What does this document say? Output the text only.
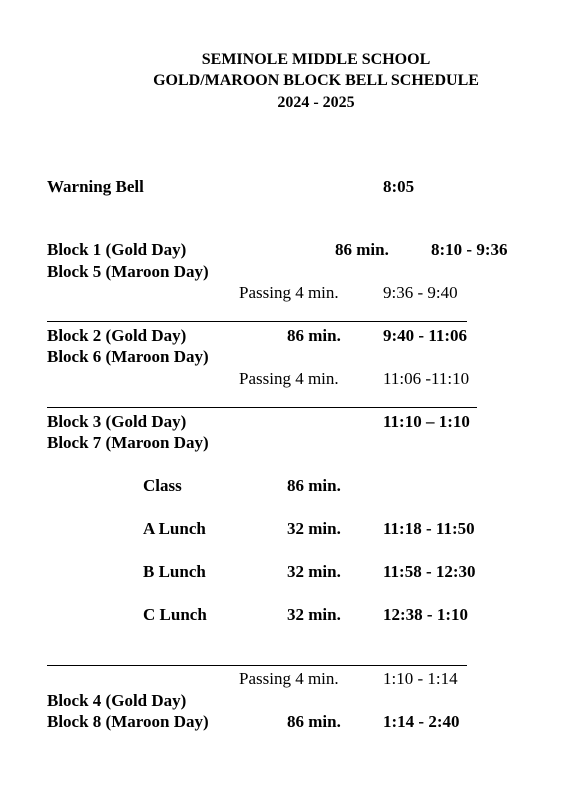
SEMINOLE MIDDLE SCHOOL
GOLD/MAROON BLOCK BELL SCHEDULE
2024 - 2025
Warning Bell	8:05
Block 1 (Gold Day)	86 min. 8:10 - 9:36
Block 5 (Maroon Day)
Passing 4 min.	9:36 - 9:40
Block 2 (Gold Day)	86 min. 9:40 - 11:06
Block 6 (Maroon Day)
Passing 4 min.	11:06 -11:10
Block 3 (Gold Day)	11:10 – 1:10
Block 7 (Maroon Day)
Class	86 min.
A Lunch	32 min. 11:18 - 11:50
B Lunch	32 min. 11:58 - 12:30
C Lunch	32 min. 12:38 - 1:10
Passing 4 min.	1:10 - 1:14
Block 4 (Gold Day)
Block 8 (Maroon Day)	86 min. 1:14 - 2:40
